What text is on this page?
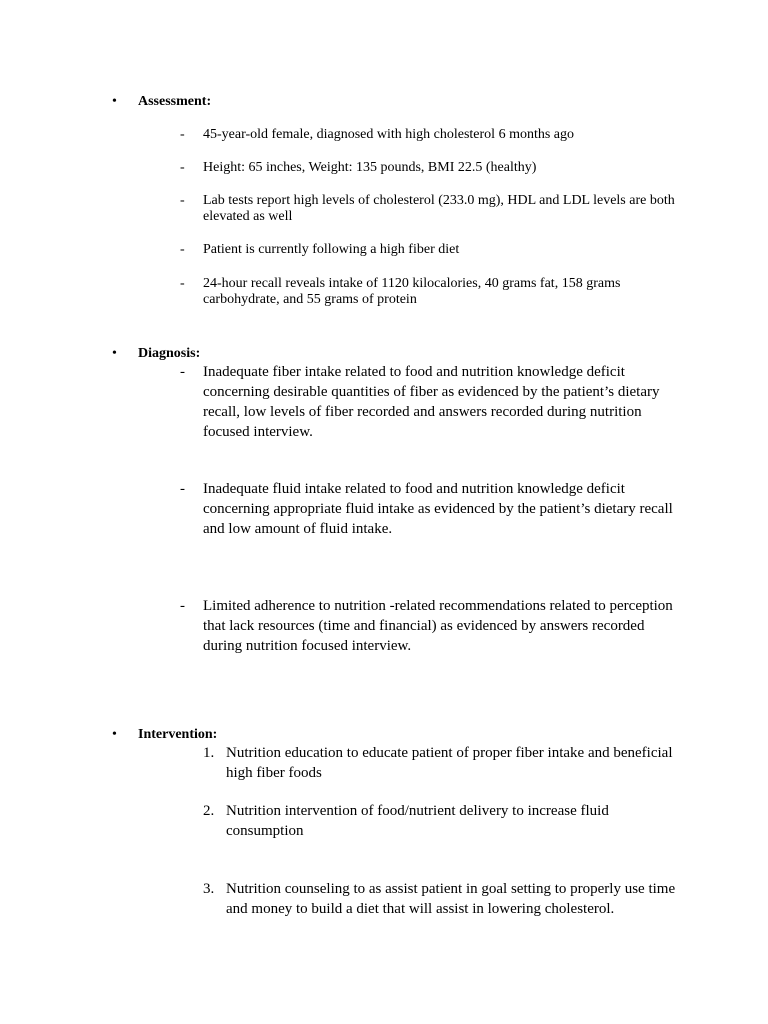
• Assessment:
- 45-year-old female, diagnosed with high cholesterol 6 months ago
- Height: 65 inches, Weight: 135 pounds, BMI 22.5 (healthy)
- Lab tests report high levels of cholesterol (233.0 mg), HDL and LDL levels are both
elevated as well
- Patient is currently following a high fiber diet
- 24-hour recall reveals intake of 1120 kilocalories, 40 grams fat, 158 grams
carbohydrate, and 55 grams of protein
• Diagnosis:
- Inadequate fiber intake related to food and nutrition knowledge deficit
concerning desirable quantities of fiber as evidenced by the patient’s dietary
recall, low levels of fiber recorded and answers recorded during nutrition
focused interview.
- Inadequate fluid intake related to food and nutrition knowledge deficit
concerning appropriate fluid intake as evidenced by the patient’s dietary recall
and low amount of fluid intake.
- Limited adherence to nutrition -related recommendations related to perception
that lack resources (time and financial) as evidenced by answers recorded
during nutrition focused interview.
• Intervention:
1. Nutrition education to educate patient of proper fiber intake and beneficial
high fiber foods
2. Nutrition intervention of food/nutrient delivery to increase fluid
consumption
3. Nutrition counseling to as assist patient in goal setting to properly use time
and money to build a diet that will assist in lowering cholesterol.
